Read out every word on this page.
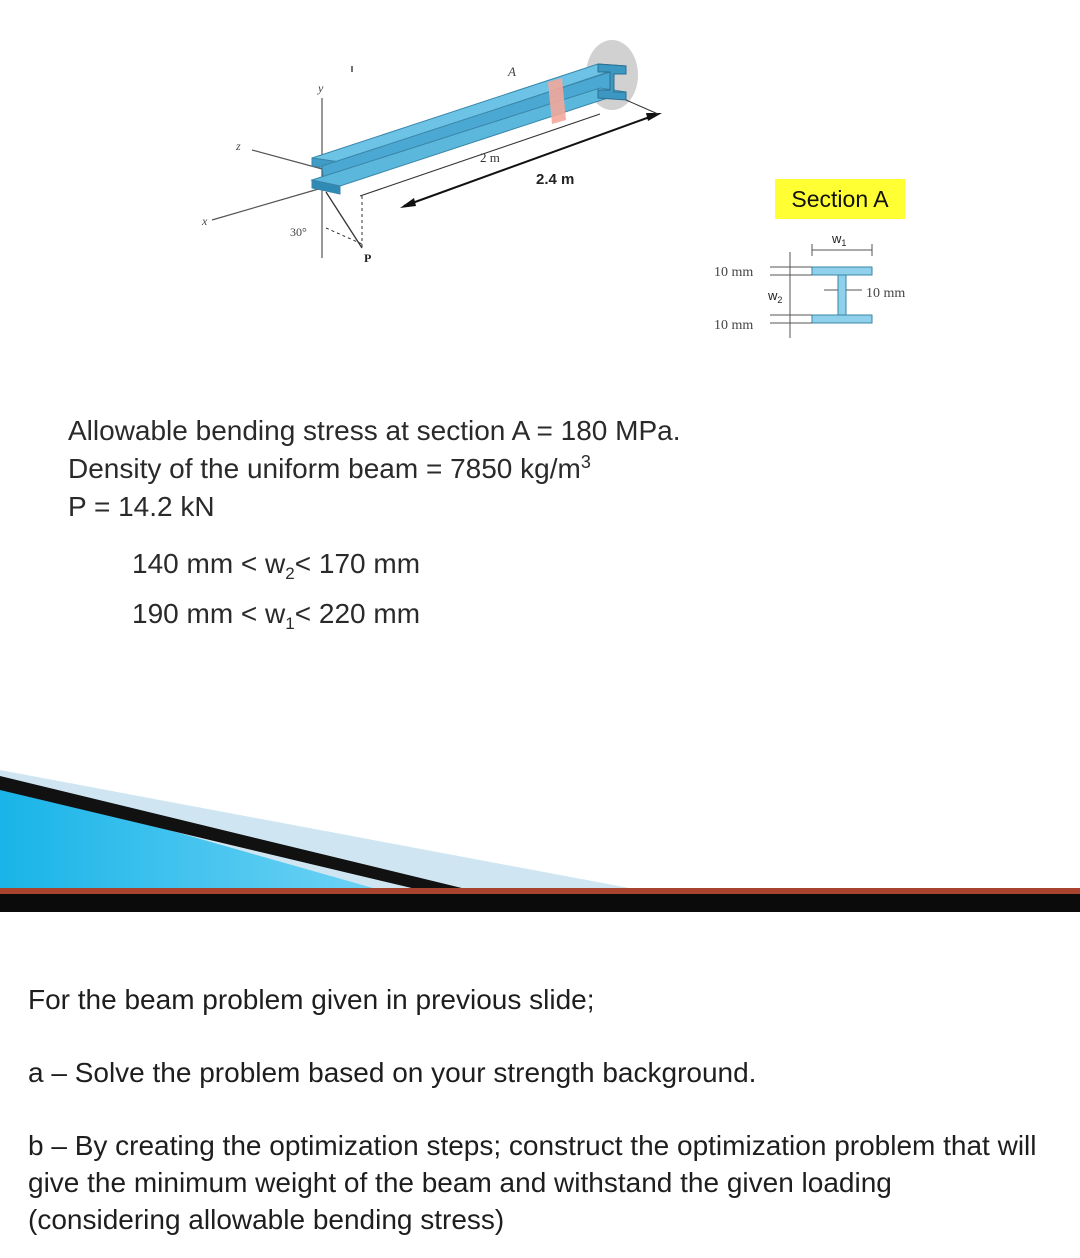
y
z
x
A
2 m
2.4 m
30°
P
$w_1$
10 mm
$w_2$
10 mm
10 mm
Section A
Allowable bending stress at section A = 180 MPa.
Density of the uniform beam = 7850 $kg/m^3$
P = 14.2 kN
140 mm < $w_2< 170$ mm
190 mm < $w_1< 220$ mm
For the beam problem given in previous slide;
a – Solve the problem based on your strength background.
b – By creating the optimization steps; construct the optimization problem that will give the minimum weight of the beam and withstand the given loading (considering allowable bending stress)
